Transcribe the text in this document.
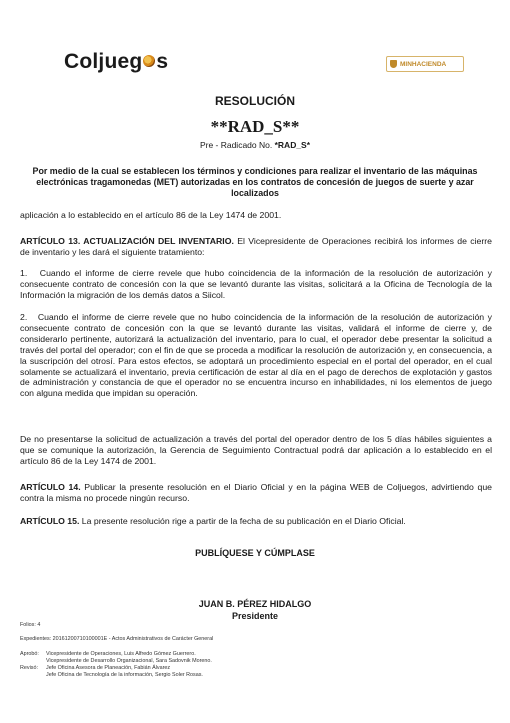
Coljueg s	MINHACIENDA
RESOLUCIÓN
**RAD_S**
Pre - Radicado No. *RAD_S*
Por medio de la cual se establecen los términos y condiciones para realizar el inventario de las máquinas electrónicas tragamonedas (MET) autorizadas en los contratos de concesión de juegos de suerte y azar localizados
aplicación a lo establecido en el artículo 86 de la Ley 1474 de 2001.
ARTÍCULO 13. ACTUALIZACIÓN DEL INVENTARIO. El Vicepresidente de Operaciones recibirá los informes de cierre de inventario y les dará el siguiente tratamiento:
1.   Cuando el informe de cierre revele que hubo coincidencia de la información de la resolución de autorización y consecuente contrato de concesión con la que se levantó durante las visitas, solicitará a la Oficina de Tecnología de la Información la migración de los demás datos a Siicol.
2.   Cuando el informe de cierre revele que no hubo coincidencia de la información de la resolución de autorización y consecuente contrato de concesión con la que se levantó durante las visitas, validará el informe de cierre y, de considerarlo pertinente, autorizará la actualización del inventario, para lo cual, el operador debe presentar la solicitud a través del portal del operador; con el fin de que se proceda a modificar la resolución de autorización y, en consecuencia, a la suscripción del otrosí. Para estos efectos, se adoptará un procedimiento especial en el portal del operador, en el cual solamente se actualizará el inventario, previa certificación de estar al día en el pago de derechos de explotación y gastos de administración y constancia de que el operador no se encuentra incurso en inhabilidades, ni los elementos de juego con alguna medida que impidan su operación.
De no presentarse la solicitud de actualización a través del portal del operador dentro de los 5 días hábiles siguientes a que se comunique la autorización, la Gerencia de Seguimiento Contractual podrá dar aplicación a lo establecido en el artículo 86 de la Ley 1474 de 2001.
ARTÍCULO 14. Publicar la presente resolución en el Diario Oficial y en la página WEB de Coljuegos, advirtiendo que contra la misma no procede ningún recurso.
ARTÍCULO 15. La presente resolución rige a partir de la fecha de su publicación en el Diario Oficial.
PUBLÍQUESE Y CÚMPLASE
JUAN B. PÉREZ HIDALGO
Presidente
Folios: 4
Expedientes: 20161200710100001E - Actos Administrativos de Carácter General
Aprobó: Vicepresidente de Operaciones, Luis Alfredo Gómez Guerrero.
Vicepresidente de Desarrollo Organizacional, Sara Sadovnik Moreno.
Revisó: Jefe Oficina Asesora de Planeación, Fabián Álvarez
Jefe Oficina de Tecnología de la información, Sergio Soler Rosas.
